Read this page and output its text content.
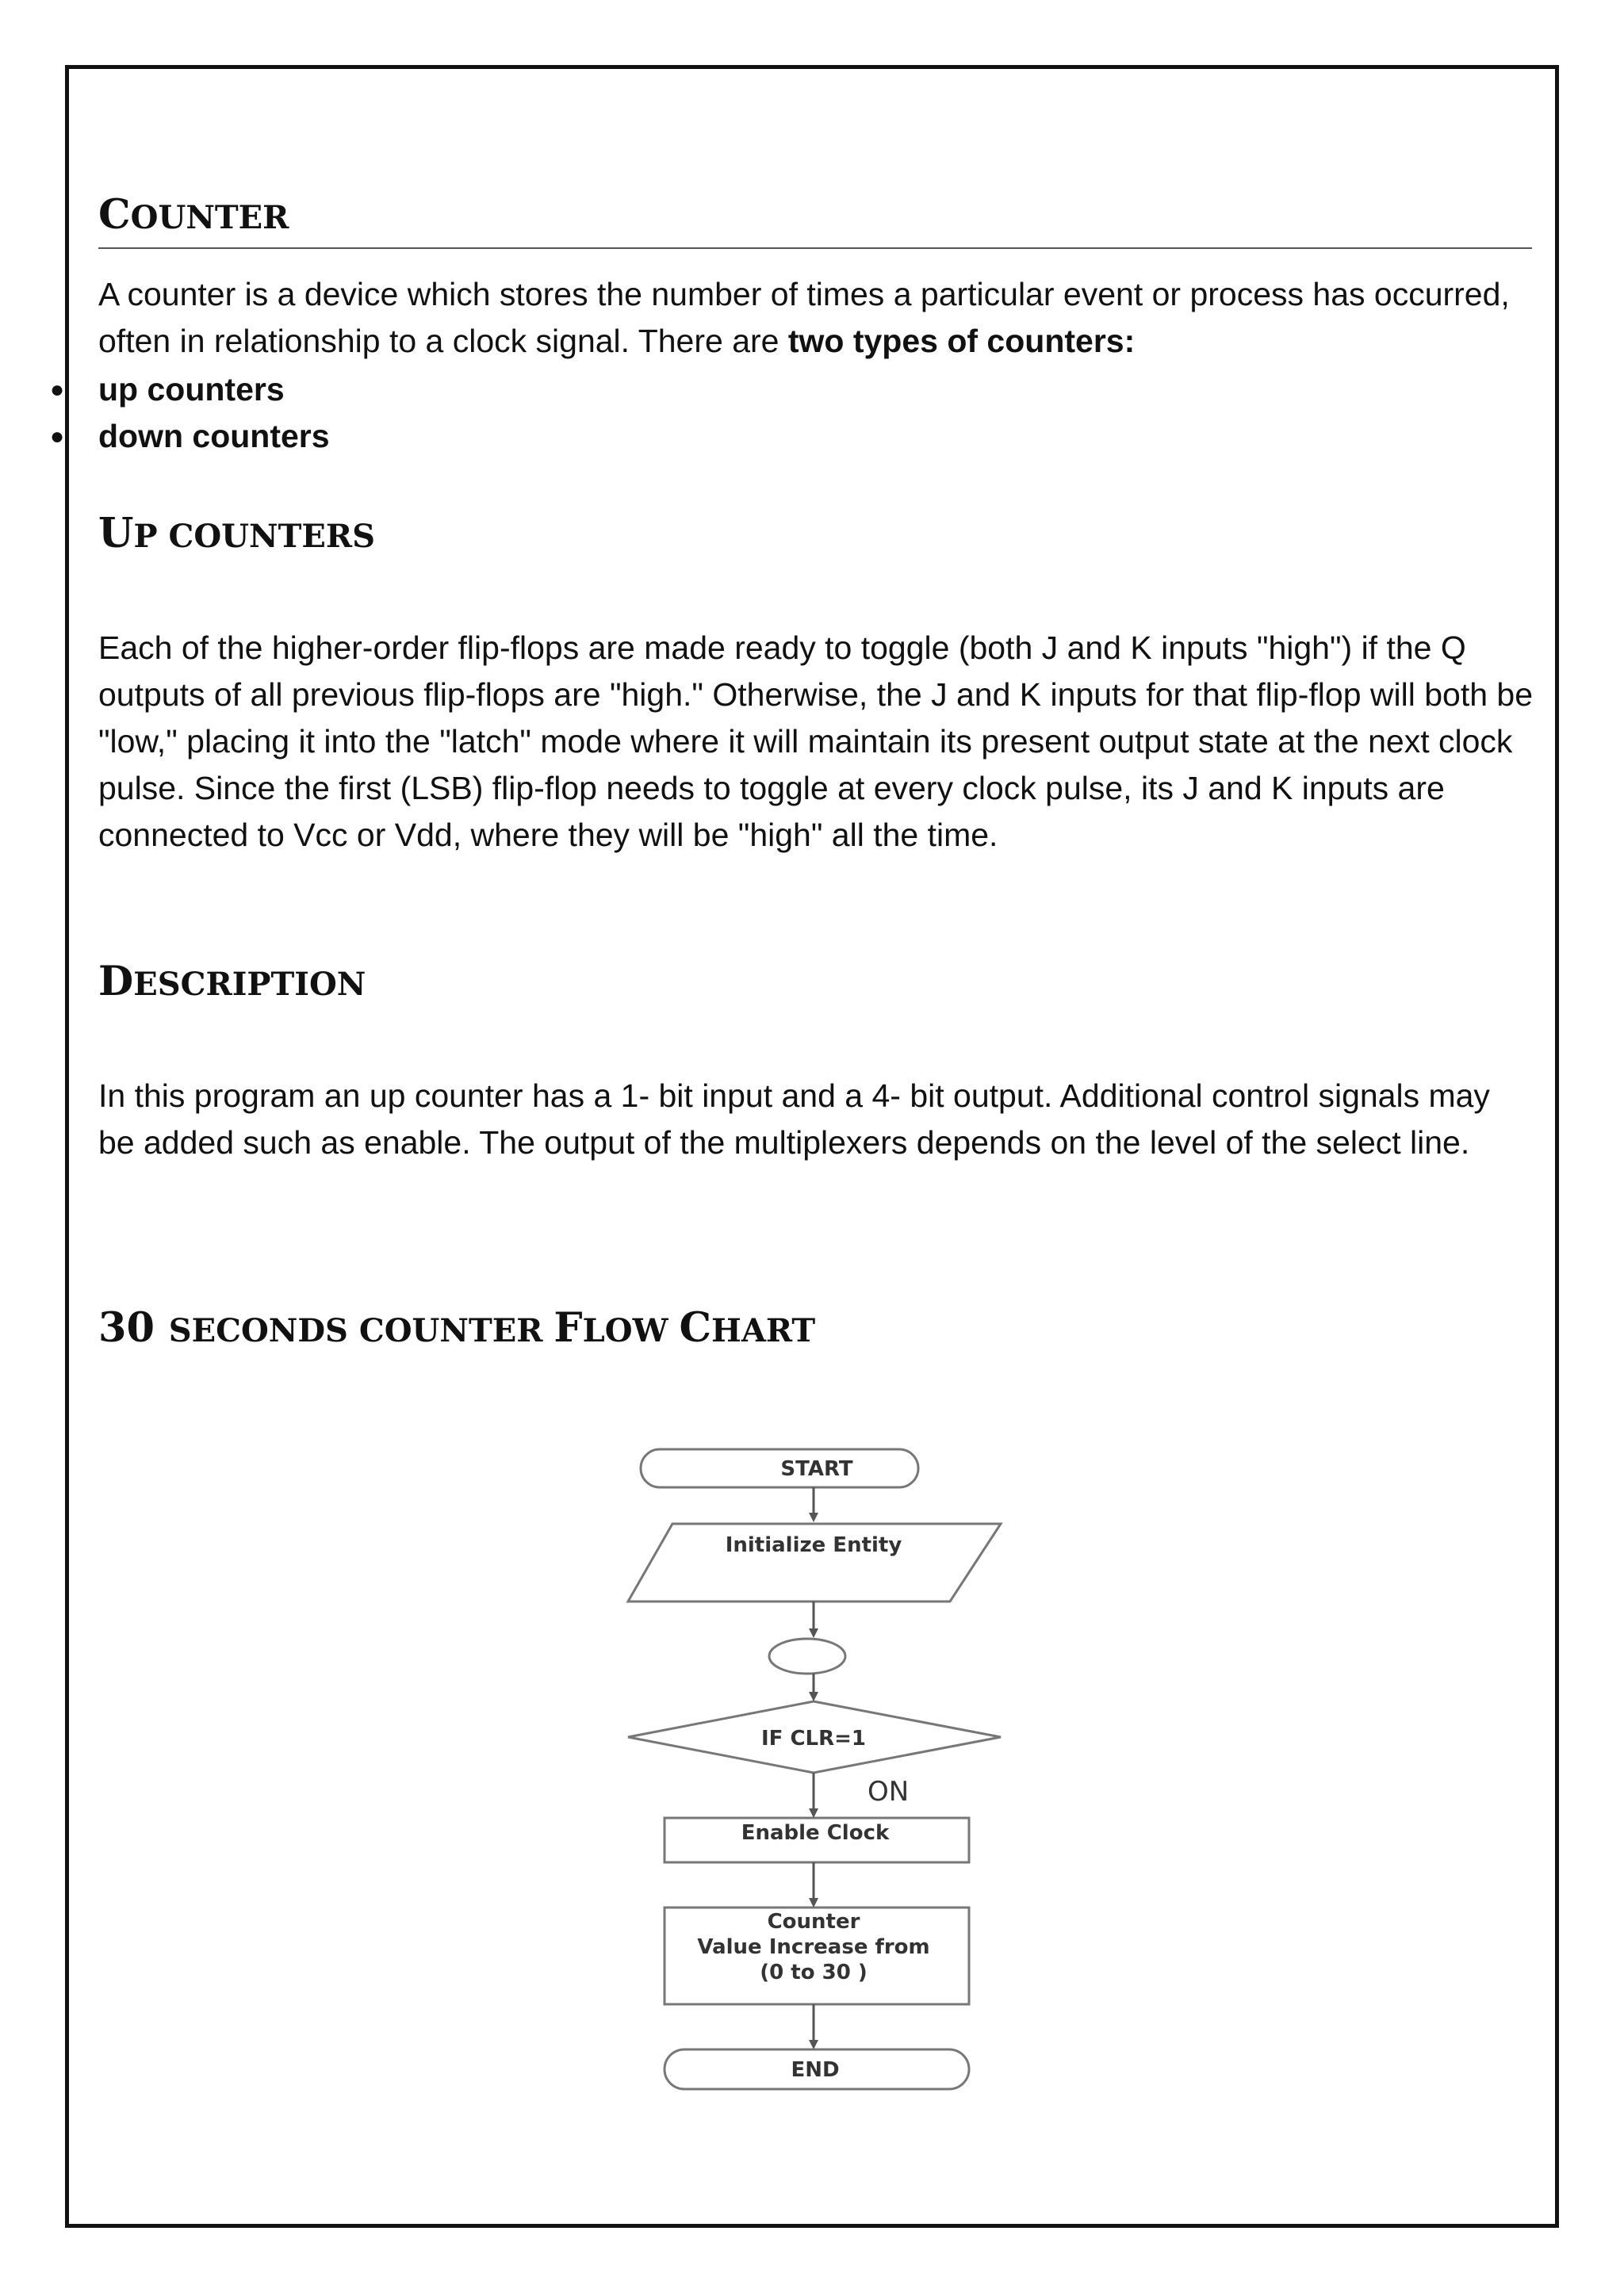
COUNTER

A counter is a device which stores the number of times a particular event or process has occurred, often in relationship to a clock signal. There are two types of counters:

● up counters
● down counters
UP COUNTERS

Each of the higher-order flip-flops are made ready to toggle (both J and K inputs "high") if the Q outputs of all previous flip-flops are "high." Otherwise, the J and K inputs for that flip-flop will both be "low," placing it into the "latch" mode where it will maintain its present output state at the next clock pulse. Since the first (LSB) flip-flop needs to toggle at every clock pulse, its J and K inputs are connected to Vcc or Vdd, where they will be "high" all the time.

DESCRIPTION

In this program an up counter has a 1- bit input and a 4- bit output. Additional control signals may be added such as enable. The output of the multiplexers depends on the level of the select line.

30 SECONDS COUNTER FLOW CHART
START
Initialize Entity
IF CLR=1
Enable Clock
Counter
Value Increase from
(0 to 30 )
END
ON
